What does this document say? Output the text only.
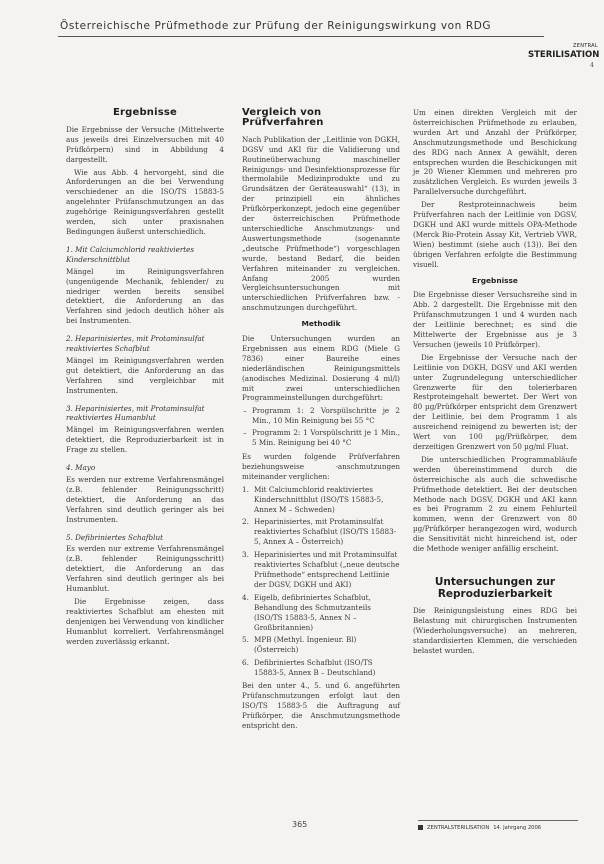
Österreichische Prüfmethode zur Prüfung der Reinigungswirkung von RDG
ZENTRAL
STERILISATION
4
Ergebnisse

Die Ergebnisse der Versuche (Mittelwerte aus jeweils drei Einzelversuchen mit 40 Prüfkörpern) sind in Abbildung 4 dargestellt.

Wie aus Abb. 4 hervorgeht, sind die Anforderungen an die bei Verwendung verschiedener an die ISO/TS 15883-5 angelehnter Prüfanschmutzungen an das zugehörige Reinigungsverfahren gestellt werden, sich unter praxisnahen Bedingungen äußerst unterschiedlich.

1. Mit Calciumchlorid reaktiviertes Kinderschnittblut

Mängel im Reinigungsverfahren (ungenügende Mechanik, fehlender/ zu niedriger werden bereits sensibel detektiert, die Anforderung an das Verfahren sind jedoch deutlich höher als bei Instrumenten.

2. Heparinisiertes, mit Protaminsulfat reaktiviertes Schafblut

Mängel im Reinigungsverfahren werden gut detektiert, die Anforderung an das Verfahren sind vergleichbar mit Instrumenten.

3. Heparinisiertes, mit Protaminsulfat reaktiviertes Humanblut

Mängel im Reinigungsverfahren werden detektiert, die Reproduzierbarkeit ist in Frage zu stellen.

4. Mayo

Es werden nur extreme Verfahrensmängel (z.B. fehlender Reinigungsschritt) detektiert, die Anforderung an das Verfahren sind deutlich geringer als bei Instrumenten.

5. Defibriniertes Schafblut

Es werden nur extreme Verfahrensmängel (z.B. fehlender Reinigungsschritt) detektiert, die Anforderung an das Verfahren sind deutlich geringer als bei Humanblut.

Die Ergebnisse zeigen, dass reaktiviertes Schafblut am ehesten mit denjenigen bei Verwendung von kindlicher Humanblut korreliert. Verfahrensmängel werden zuverlässig erkannt.

Vergleich von Prüfverfahren

Nach Publikation der „Leitlinie von DGKH, DGSV und AKI für die Validierung und Routineüberwachung maschineller Reinigungs- und Desinfektionsprozesse für thermolabile Medizinprodukte und zu Grundsätzen der Geräteauswahl“ (13), in der prinzipiell ein ähnliches Prüfkörperkonzept, jedoch eine gegenüber der österreichischen Prüfmethode unterschiedliche Anschmutzungs- und Auswertungsmethode (sogenannte „deutsche Prüfmethode“) vorgeschlagen wurde, bestand Bedarf, die beiden Verfahren miteinander zu vergleichen. Anfang 2005 wurden Vergleichsuntersuchungen mit unterschiedlichen Prüfverfahren bzw. -anschmutzungen durchgeführt.

Methodik

Die Untersuchungen wurden an Ergebnissen aus einem RDG (Miele G 7836) einer Baureihe eines niederländischen Reinigungsmittels (anodisches Medizinal. Dosierung 4 ml/l) mit zwei unterschiedlichen Programmeinstellungen durchgeführt:

– Programm 1: 2 Vorspülschritte je 2 Min., 10 Min Reinigung bei 55 °C
– Programm 2: 1 Vorspülschritt je 1 Min., 5 Min. Reinigung bei 40 °C

Es wurden folgende Prüfverfahren beziehungsweise -anschmutzungen miteinander verglichen:

1. Mit Calciumchlorid reaktiviertes Kinderschnittblut (ISO/TS 15883-5, Annex M – Schweden)
2. Heparinisiertes, mit Protaminsulfat reaktiviertes Schafblut (ISO/TS 15883-5, Annex A – Österreich)
3. Heparinisiertes und mit Protaminsulfat reaktiviertes Schafblut („neue deutsche Prüfmethode“ entsprechend Leitlinie der DGSV, DGKH und AKI)
4. Eigelb, defibriniertes Schafblut, Behandlung des Schmutzanteils (ISO/TS 15883-5, Annex N – Großbritannien)
5. MPB (Methyl. Ingenieur. Bl) (Österreich)
6. Defibriniertes Schafblut (ISO/TS 15883-5, Annex B – Deutschland)

Bei den unter 4., 5. und 6. angeführten Prüfanschmutzungen erfolgt laut den ISO/TS 15883-5 die Auftragung auf Prüfkörper, die Anschmutzungsmethode entspricht den.

Um einen direkten Vergleich mit der österreichischen Prüfmethode zu erlauben, wurden Art und Anzahl der Prüfkörper, Anschmutzungsmethode und Beschickung des RDG nach Annex A gewählt, deren entsprechen wurden die Beschickungen mit je 20 Wiener Klemmen und mehreren pro zusätzlichen Vergleich. Es wurden jeweils 3 Parallelversuche durchgeführt.

Der Restproteinnachweis beim Prüfverfahren nach der Leitlinie von DGSV, DGKH und AKI wurde mittels OPA-Methode (Merck Bio-Protein Assay Kit, Vertrieb VWR, Wien) bestimmt (siehe auch (13)). Bei den übrigen Verfahren erfolgte die Bestimmung visuell.

Ergebnisse

Die Ergebnisse dieser Versuchsreihe sind in Abb. 2 dargestellt. Die Ergebnisse mit den Prüfanschmutzungen 1 und 4 wurden nach der Leitlinie berechnet; es sind die Mittelwerte der Ergebnisse aus je 3 Versuchen (jeweils 10 Prüfkörper).

Die Ergebnisse der Versuche nach der Leitlinie von DGKH, DGSV und AKI werden unter Zugrundelegung unterschiedlicher Grenzwerte für den tolerierbaren Restproteingehalt bewertet. Der Wert von 80 µg/Prüfkörper entspricht dem Grenzwert der Leitlinie, bei dem Programm 1 als ausreichend reinigend zu bewerten ist; der Wert von 100 µg/Prüfkörper, dem derzeitigen Grenzwert von 50 µg/ml Fluat.

Die unterschiedlichen Programmabläufe werden übereinstimmend durch die österreichische als auch die schwedische Prüfmethode detektiert. Bei der deutschen Methode nach DGSV, DGKH und AKI kann es bei Programm 2 zu einem Fehlurteil kommen, wenn der Grenzwert von 80 µg/Prüfkörper herangezogen wird, wodurch die Sensitivität nicht hinreichend ist, oder die Methode weniger anfällig erscheint.

Untersuchungen zur Reproduzierbarkeit

Die Reinigungsleistung eines RDG bei Belastung mit chirurgischen Instrumenten (Wiederholungsversuche) an mehreren, standardisierten Klemmen, die verschieden belastet wurden.

365	ZENTRALSTERILISATION 14. Jahrgang 2006
